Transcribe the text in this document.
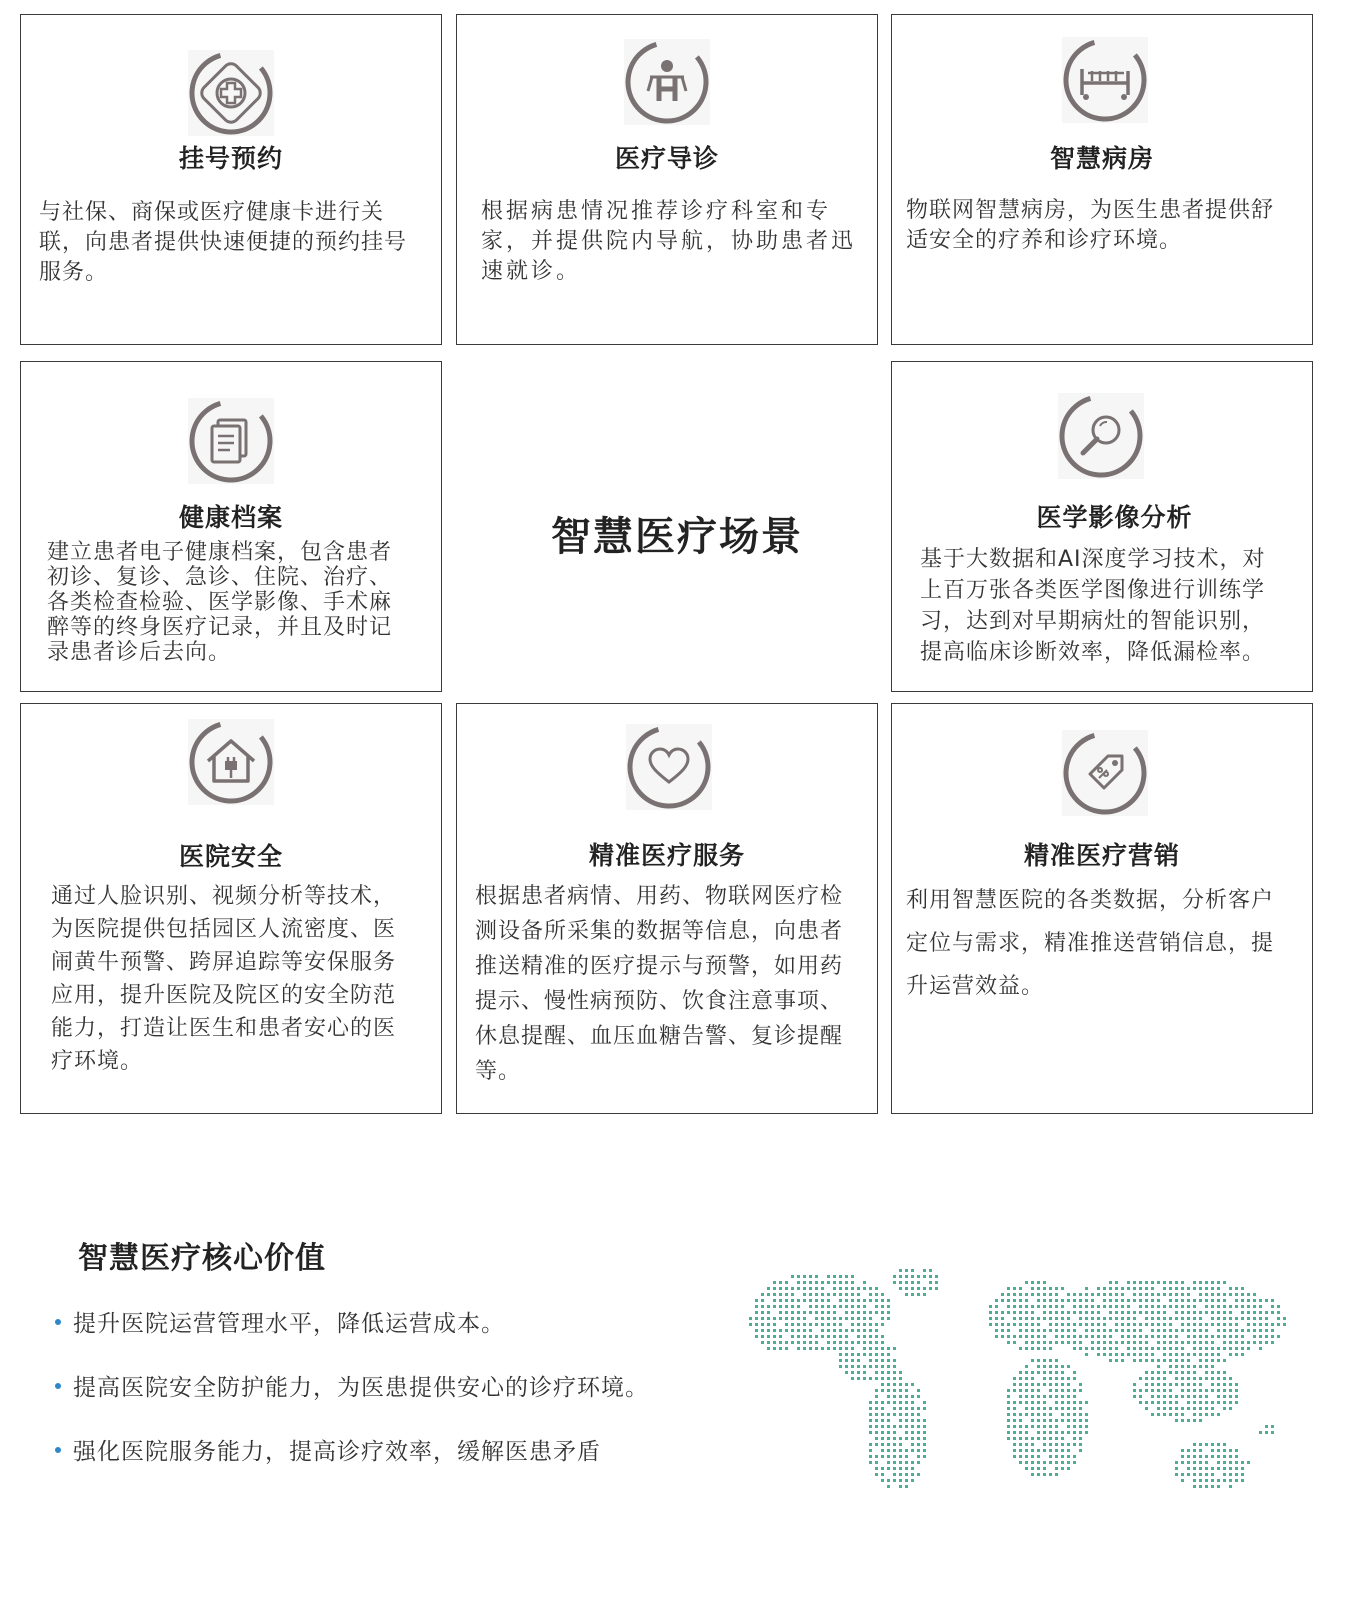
挂号预约
与社保、商保或医疗健康卡进行关
联，向患者提供快速便捷的预约挂号
服务。
医疗导诊
根据病患情况推荐诊疗科室和专
家，并提供院内导航，协助患者迅
速就诊。
智慧病房
物联网智慧病房，为医生患者提供舒
适安全的疗养和诊疗环境。
健康档案
建立患者电子健康档案，包含患者
初诊、复诊、急诊、住院、治疗、
各类检查检验、医学影像、手术麻
醉等的终身医疗记录，并且及时记
录患者诊后去向。
智慧医疗场景	医学影像分析
基于大数据和AI深度学习技术，对
上百万张各类医学图像进行训练学
习，达到对早期病灶的智能识别，
提高临床诊断效率，降低漏检率。
医院安全
通过人脸识别、视频分析等技术，
为医院提供包括园区人流密度、医
闹黄牛预警、跨屏追踪等安保服务
应用，提升医院及院区的安全防范
能力，打造让医生和患者安心的医
疗环境。
精准医疗服务
根据患者病情、用药、物联网医疗检
测设备所采集的数据等信息，向患者
推送精准的医疗提示与预警，如用药
提示、慢性病预防、饮食注意事项、
休息提醒、血压血糖告警、复诊提醒
等。
精准医疗营销
利用智慧医院的各类数据，分析客户
定位与需求，精准推送营销信息，提
升运营效益。
智慧医疗核心价值
提升医院运营管理水平，降低运营成本。
提高医院安全防护能力，为医患提供安心的诊疗环境。
强化医院服务能力，提高诊疗效率，缓解医患矛盾
